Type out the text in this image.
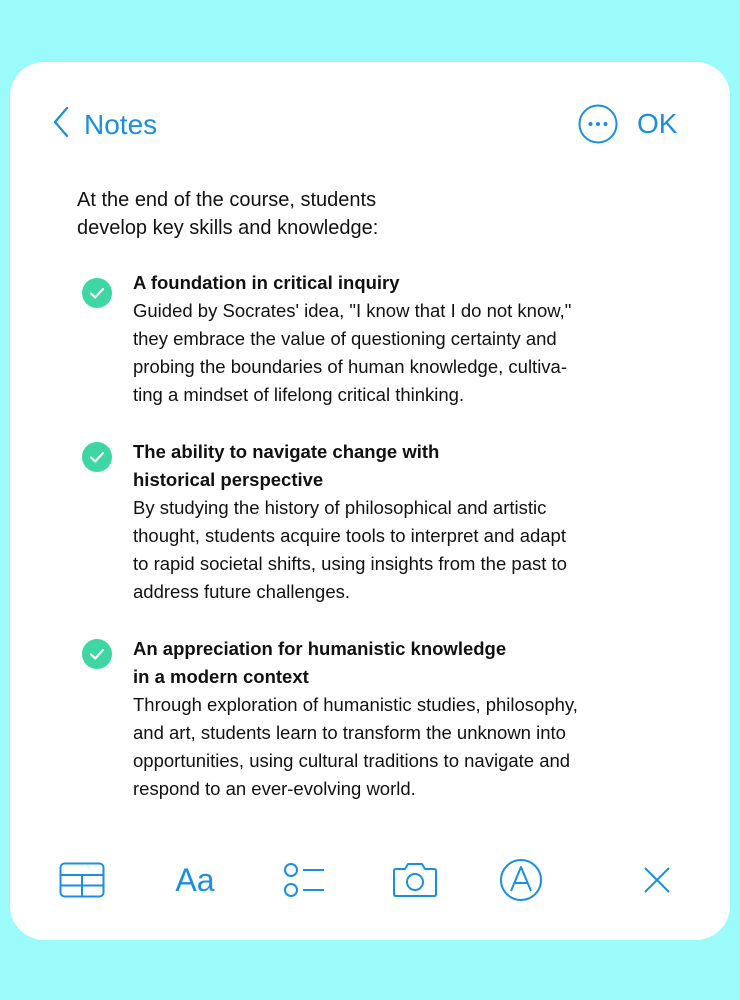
Notes	OK
At the end of the course, students
develop key skills and knowledge:
A foundation in critical inquiry
Guided by Socrates' idea, "I know that I do not know,"
they embrace the value of questioning certainty and
probing the boundaries of human knowledge, cultiva-
ting a mindset of lifelong critical thinking.
The ability to navigate change with
historical perspective
By studying the history of philosophical and artistic
thought, students acquire tools to interpret and adapt
to rapid societal shifts, using insights from the past to
address future challenges.
An appreciation for humanistic knowledge
in a modern context
Through exploration of humanistic studies, philosophy,
and art, students learn to transform the unknown into
opportunities, using cultural traditions to navigate and
respond to an ever-evolving world.
Aa
